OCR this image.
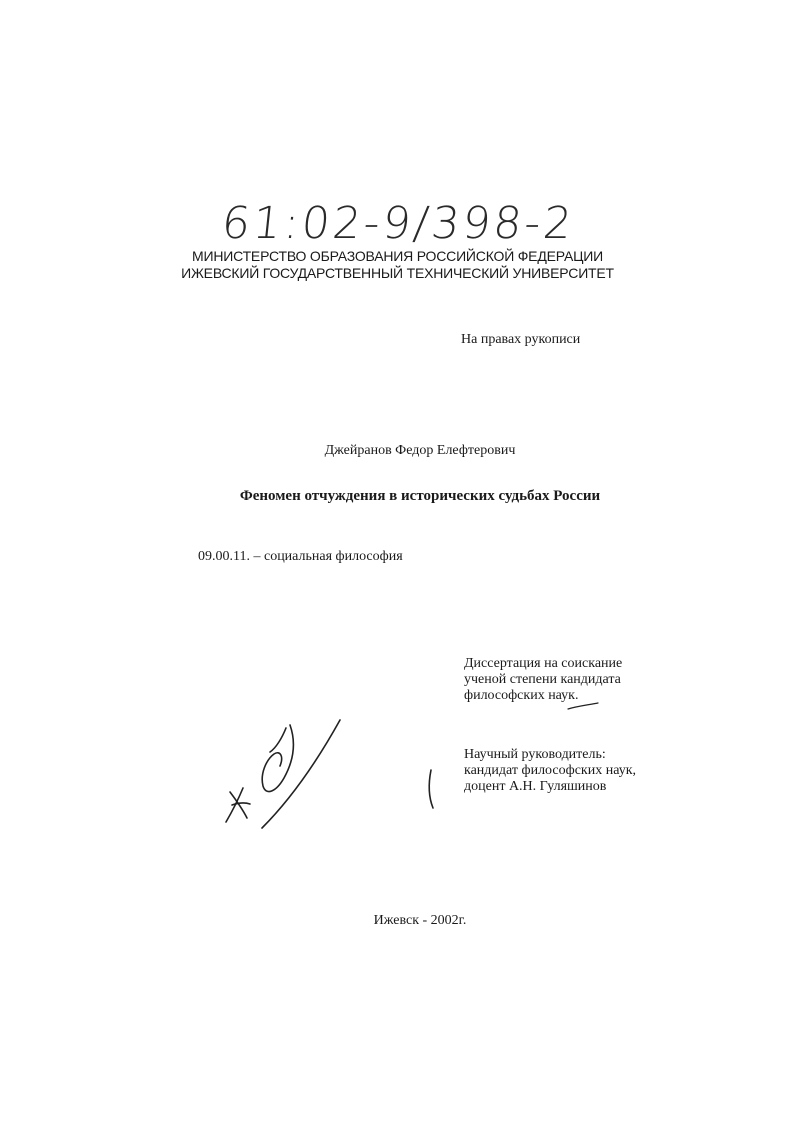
61:02-9/398-2
МИНИСТЕРСТВО ОБРАЗОВАНИЯ РОССИЙСКОЙ ФЕДЕРАЦИИ
ИЖЕВСКИЙ ГОСУДАРСТВЕННЫЙ ТЕХНИЧЕСКИЙ УНИВЕРСИТЕТ
На правах рукописи
Джейранов Федор Елефтерович
Феномен отчуждения в исторических судьбах России
09.00.11. – социальная философия
Диссертация на соискание
ученой степени кандидата
философских наук.
Научный руководитель:
кандидат философских наук,
доцент А.Н. Гуляшинов
Ижевск - 2002г.
